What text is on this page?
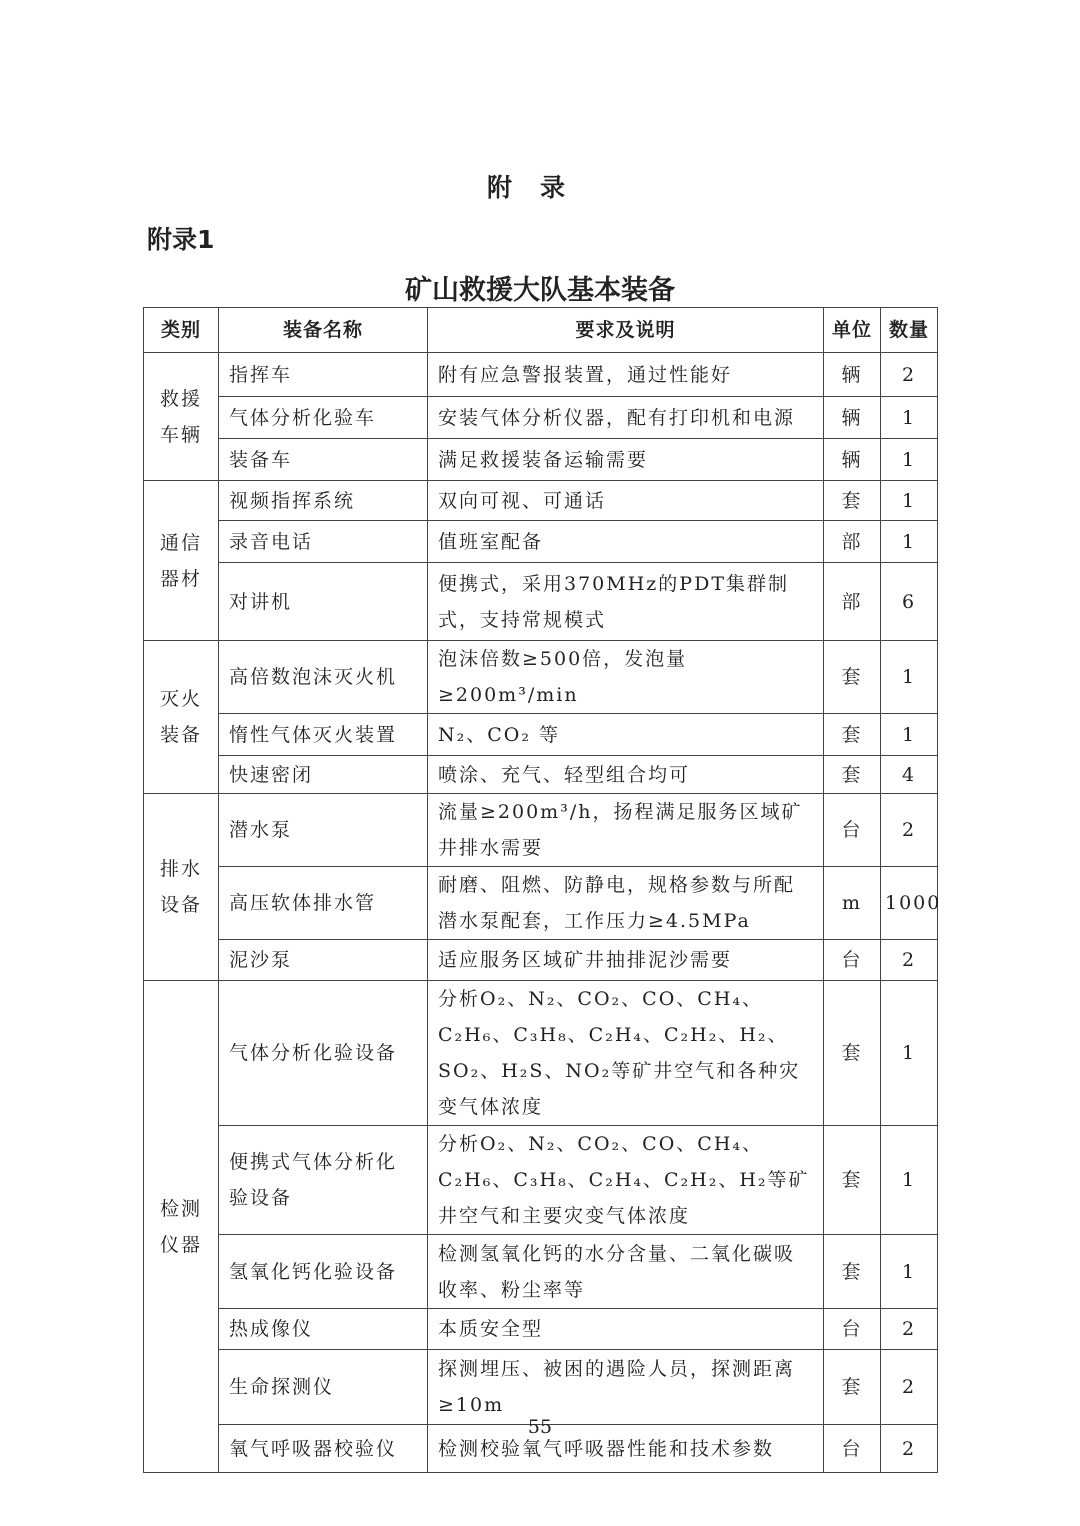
附录
附录1
矿山救援大队基本装备
类别	装备名称	要求及说明	单位	数量
救援车辆	指挥车	附有应急警报装置，通过性能好	辆	2
	气体分析化验车	安装气体分析仪器，配有打印机和电源	辆	1
	装备车	满足救援装备运输需要	辆	1
通信器材	视频指挥系统	双向可视、可通话	套	1
	录音电话	值班室配备	部	1
	对讲机	便携式，采用370MHz的PDT集群制式，支持常规模式	部	6
灭火装备	高倍数泡沫灭火机	泡沫倍数≥500倍，发泡量≥200m³/min	套	1
	惰性气体灭火装置	N₂、CO₂ 等	套	1
	快速密闭	喷涂、充气、轻型组合均可	套	4
排水设备	潜水泵	流量≥200m³/h，扬程满足服务区域矿井排水需要	台	2
	高压软体排水管	耐磨、阻燃、防静电，规格参数与所配潜水泵配套，工作压力≥4.5MPa	m	1000
	泥沙泵	适应服务区域矿井抽排泥沙需要	台	2
检测仪器	气体分析化验设备	分析O₂、N₂、CO₂、CO、CH₄、C₂H₆、C₃H₈、C₂H₄、C₂H₂、H₂、SO₂、H₂S、NO₂等矿井空气和各种灾变气体浓度	套	1
	便携式气体分析化验设备	分析O₂、N₂、CO₂、CO、CH₄、C₂H₆、C₃H₈、C₂H₄、C₂H₂、H₂等矿井空气和主要灾变气体浓度	套	1
	氢氧化钙化验设备	检测氢氧化钙的水分含量、二氧化碳吸收率、粉尘率等	套	1
	热成像仪	本质安全型	台	2
	生命探测仪	探测埋压、被困的遇险人员，探测距离≥10m	套	2
	氧气呼吸器校验仪	检测校验氧气呼吸器性能和技术参数	台	2
55
